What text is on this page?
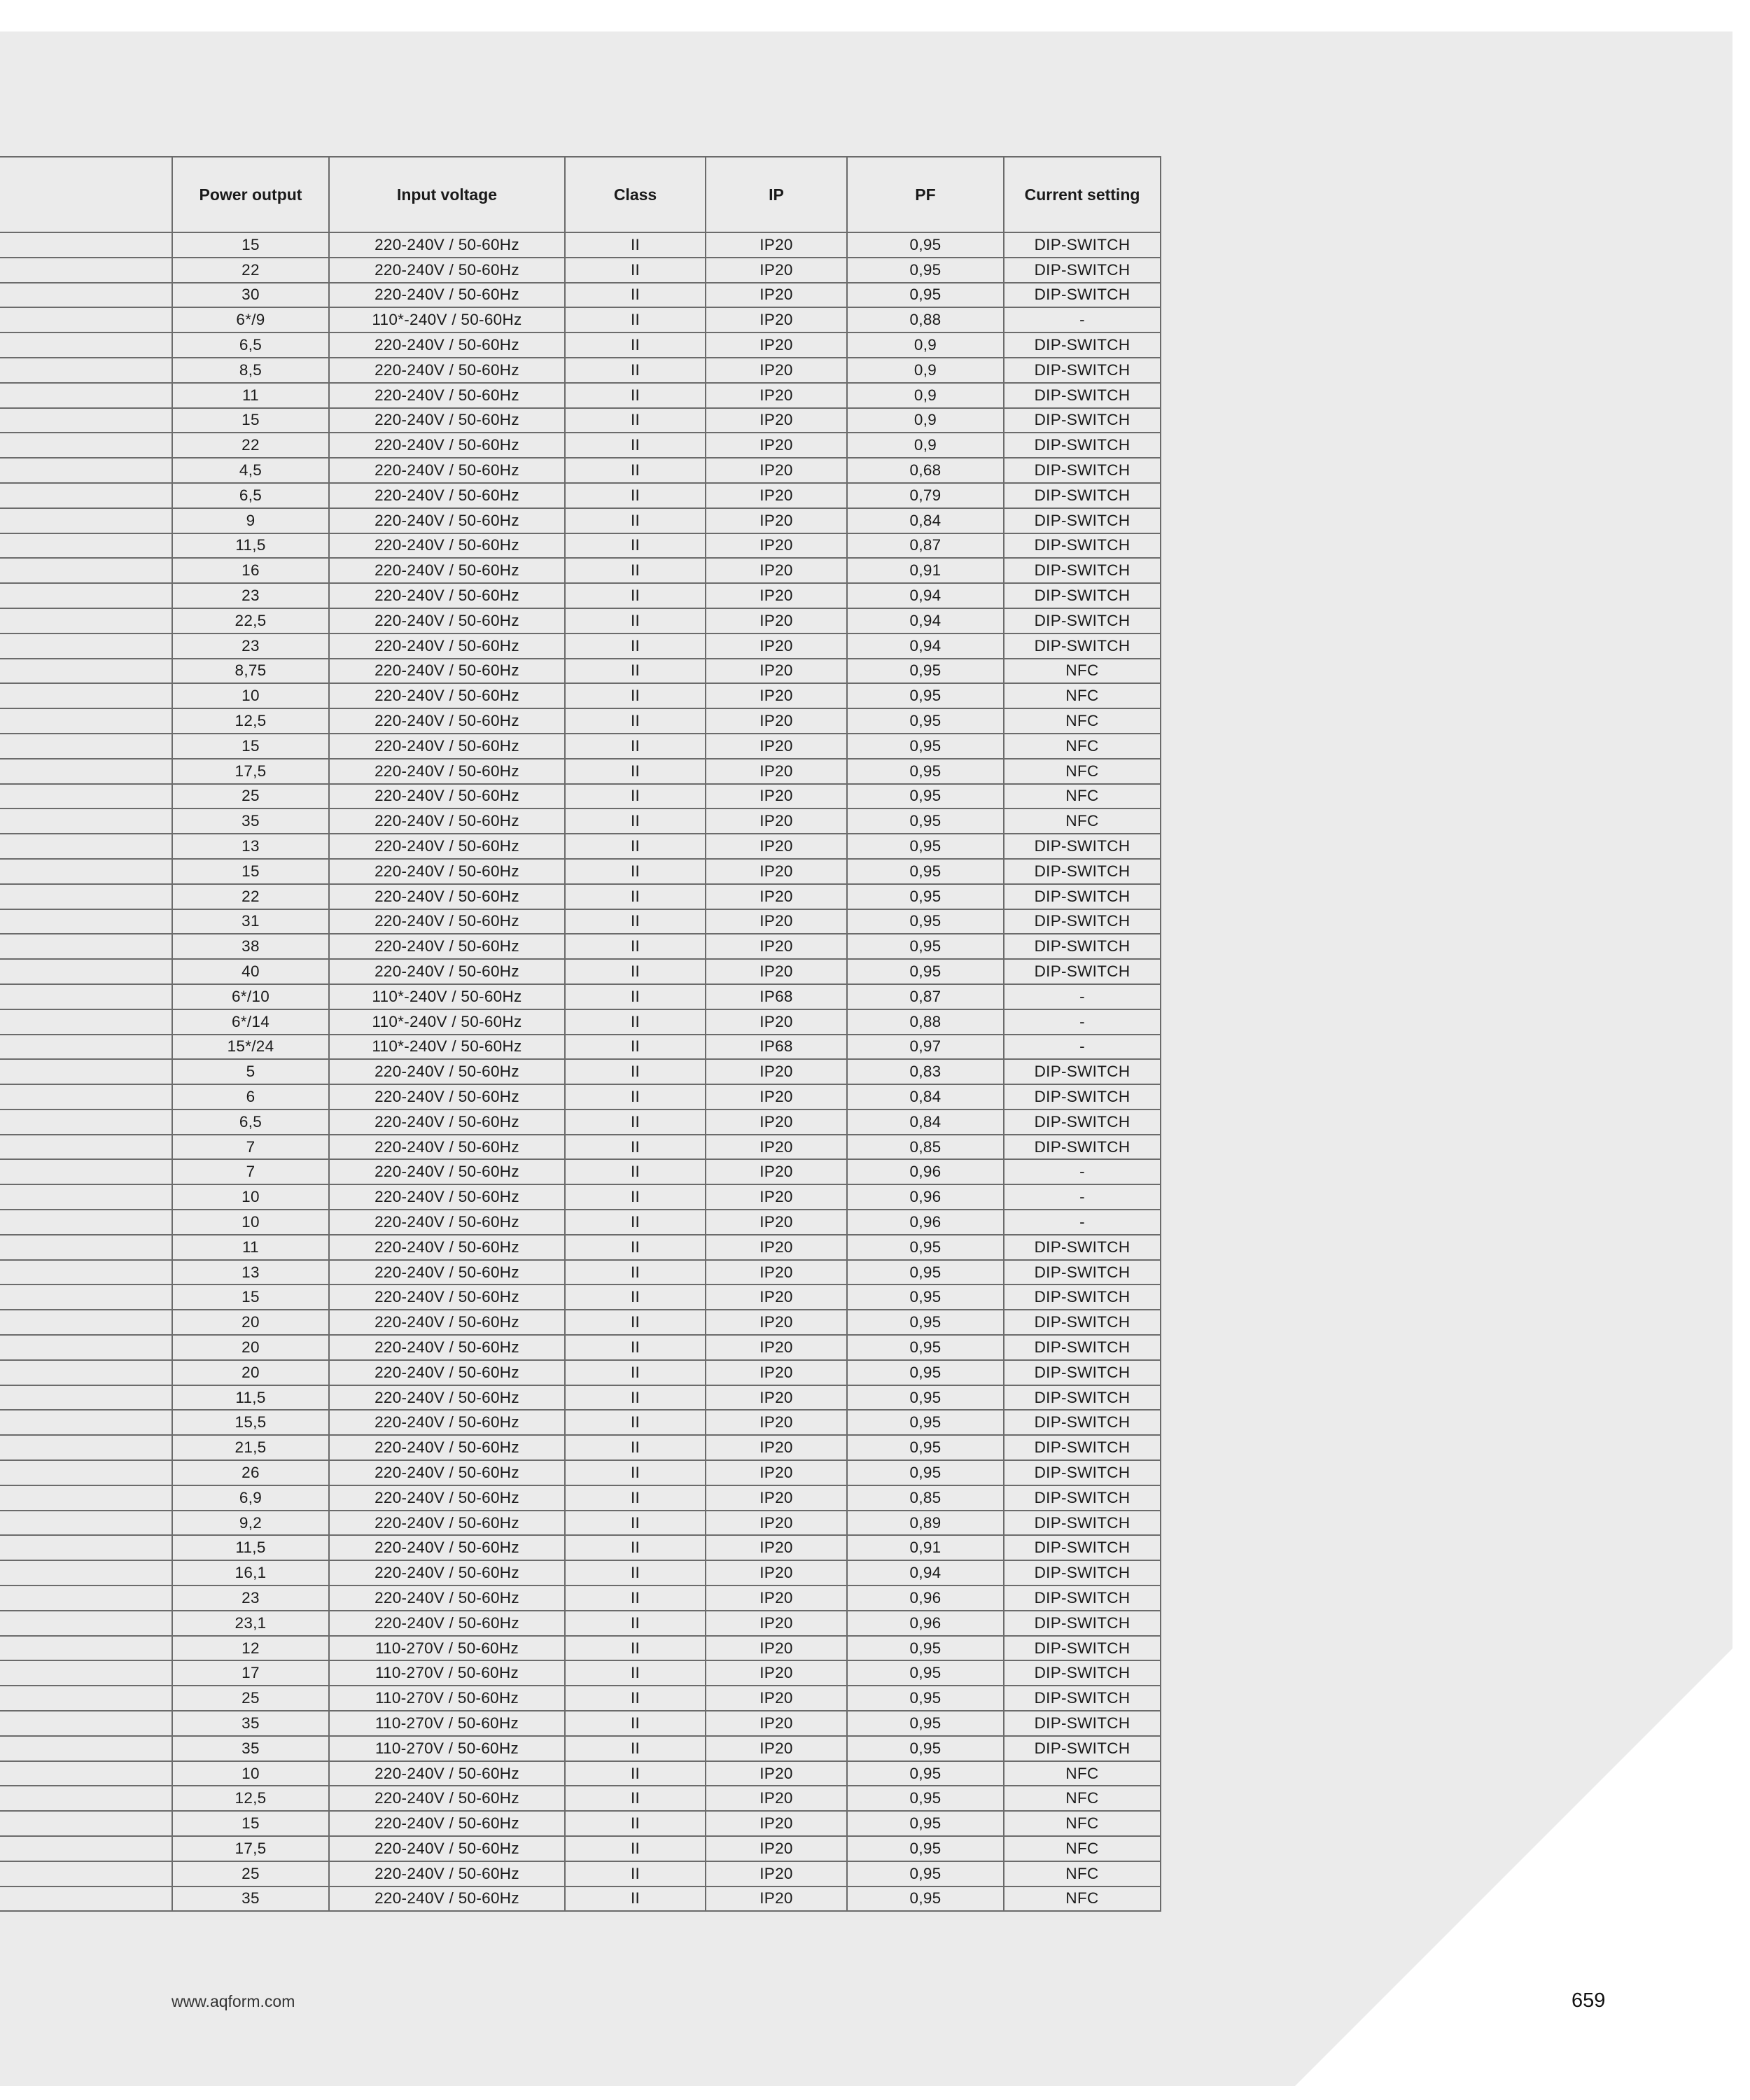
	Power output	Input voltage	Class	IP	PF	Current setting
	15	220-240V / 50-60Hz	II	IP20	0,95	DIP-SWITCH
	22	220-240V / 50-60Hz	II	IP20	0,95	DIP-SWITCH
	30	220-240V / 50-60Hz	II	IP20	0,95	DIP-SWITCH
	6*/9	110*-240V / 50-60Hz	II	IP20	0,88	-
	6,5	220-240V / 50-60Hz	II	IP20	0,9	DIP-SWITCH
	8,5	220-240V / 50-60Hz	II	IP20	0,9	DIP-SWITCH
	11	220-240V / 50-60Hz	II	IP20	0,9	DIP-SWITCH
	15	220-240V / 50-60Hz	II	IP20	0,9	DIP-SWITCH
	22	220-240V / 50-60Hz	II	IP20	0,9	DIP-SWITCH
	4,5	220-240V / 50-60Hz	II	IP20	0,68	DIP-SWITCH
	6,5	220-240V / 50-60Hz	II	IP20	0,79	DIP-SWITCH
	9	220-240V / 50-60Hz	II	IP20	0,84	DIP-SWITCH
	11,5	220-240V / 50-60Hz	II	IP20	0,87	DIP-SWITCH
	16	220-240V / 50-60Hz	II	IP20	0,91	DIP-SWITCH
	23	220-240V / 50-60Hz	II	IP20	0,94	DIP-SWITCH
	22,5	220-240V / 50-60Hz	II	IP20	0,94	DIP-SWITCH
	23	220-240V / 50-60Hz	II	IP20	0,94	DIP-SWITCH
	8,75	220-240V / 50-60Hz	II	IP20	0,95	NFC
	10	220-240V / 50-60Hz	II	IP20	0,95	NFC
	12,5	220-240V / 50-60Hz	II	IP20	0,95	NFC
	15	220-240V / 50-60Hz	II	IP20	0,95	NFC
	17,5	220-240V / 50-60Hz	II	IP20	0,95	NFC
	25	220-240V / 50-60Hz	II	IP20	0,95	NFC
	35	220-240V / 50-60Hz	II	IP20	0,95	NFC
	13	220-240V / 50-60Hz	II	IP20	0,95	DIP-SWITCH
	15	220-240V / 50-60Hz	II	IP20	0,95	DIP-SWITCH
	22	220-240V / 50-60Hz	II	IP20	0,95	DIP-SWITCH
	31	220-240V / 50-60Hz	II	IP20	0,95	DIP-SWITCH
	38	220-240V / 50-60Hz	II	IP20	0,95	DIP-SWITCH
	40	220-240V / 50-60Hz	II	IP20	0,95	DIP-SWITCH
	6*/10	110*-240V / 50-60Hz	II	IP68	0,87	-
	6*/14	110*-240V / 50-60Hz	II	IP20	0,88	-
	15*/24	110*-240V / 50-60Hz	II	IP68	0,97	-
	5	220-240V / 50-60Hz	II	IP20	0,83	DIP-SWITCH
	6	220-240V / 50-60Hz	II	IP20	0,84	DIP-SWITCH
	6,5	220-240V / 50-60Hz	II	IP20	0,84	DIP-SWITCH
	7	220-240V / 50-60Hz	II	IP20	0,85	DIP-SWITCH
	7	220-240V / 50-60Hz	II	IP20	0,96	-
	10	220-240V / 50-60Hz	II	IP20	0,96	-
	10	220-240V / 50-60Hz	II	IP20	0,96	-
	11	220-240V / 50-60Hz	II	IP20	0,95	DIP-SWITCH
	13	220-240V / 50-60Hz	II	IP20	0,95	DIP-SWITCH
	15	220-240V / 50-60Hz	II	IP20	0,95	DIP-SWITCH
	20	220-240V / 50-60Hz	II	IP20	0,95	DIP-SWITCH
	20	220-240V / 50-60Hz	II	IP20	0,95	DIP-SWITCH
	20	220-240V / 50-60Hz	II	IP20	0,95	DIP-SWITCH
	11,5	220-240V / 50-60Hz	II	IP20	0,95	DIP-SWITCH
	15,5	220-240V / 50-60Hz	II	IP20	0,95	DIP-SWITCH
	21,5	220-240V / 50-60Hz	II	IP20	0,95	DIP-SWITCH
	26	220-240V / 50-60Hz	II	IP20	0,95	DIP-SWITCH
	6,9	220-240V / 50-60Hz	II	IP20	0,85	DIP-SWITCH
	9,2	220-240V / 50-60Hz	II	IP20	0,89	DIP-SWITCH
	11,5	220-240V / 50-60Hz	II	IP20	0,91	DIP-SWITCH
	16,1	220-240V / 50-60Hz	II	IP20	0,94	DIP-SWITCH
	23	220-240V / 50-60Hz	II	IP20	0,96	DIP-SWITCH
	23,1	220-240V / 50-60Hz	II	IP20	0,96	DIP-SWITCH
	12	110-270V / 50-60Hz	II	IP20	0,95	DIP-SWITCH
	17	110-270V / 50-60Hz	II	IP20	0,95	DIP-SWITCH
	25	110-270V / 50-60Hz	II	IP20	0,95	DIP-SWITCH
	35	110-270V / 50-60Hz	II	IP20	0,95	DIP-SWITCH
	35	110-270V / 50-60Hz	II	IP20	0,95	DIP-SWITCH
	10	220-240V / 50-60Hz	II	IP20	0,95	NFC
	12,5	220-240V / 50-60Hz	II	IP20	0,95	NFC
	15	220-240V / 50-60Hz	II	IP20	0,95	NFC
	17,5	220-240V / 50-60Hz	II	IP20	0,95	NFC
	25	220-240V / 50-60Hz	II	IP20	0,95	NFC
	35	220-240V / 50-60Hz	II	IP20	0,95	NFC
www.aqform.com	659
